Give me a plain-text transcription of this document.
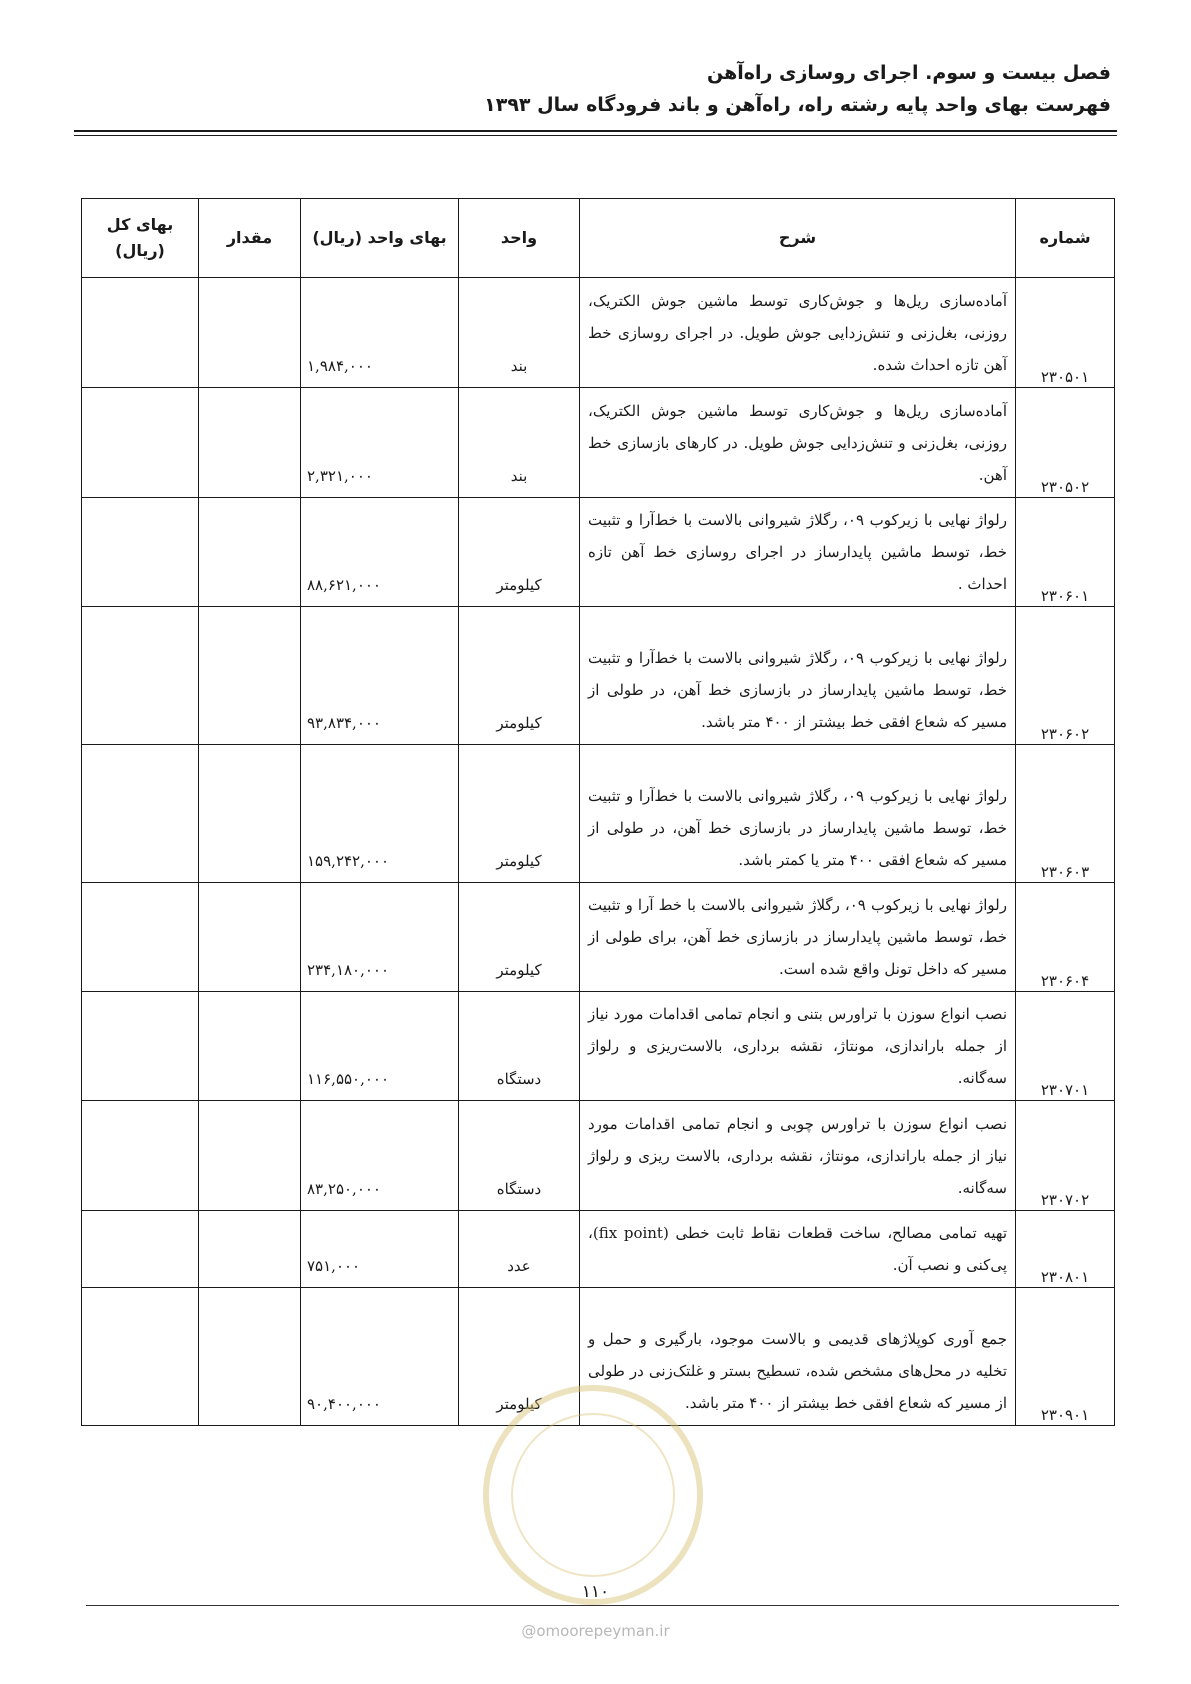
فصل بیست و سوم. اجرای روسازی راه‌آهن
فهرست بهای واحد پایه رشته راه، راه‌آهن و باند فرودگاه سال ۱۳۹۳
شماره	شرح	واحد	بهای واحد (ریال)	مقدار	بهای کل
(ریال)

۲۳۰۵۰۱	آماده‌سازی ریل‌ها و جوش‌کاری توسط ماشین جوش الکتریک، روزنی، بغل‌زنی و تنش‌زدایی جوش طویل. در اجرای روسازی خط آهن تازه احداث شده.	بند	۱,۹۸۴,۰۰۰		
۲۳۰۵۰۲	آماده‌سازی ریل‌ها و جوش‌کاری توسط ماشین جوش الکتریک، روزنی، بغل‌زنی و تنش‌زدایی جوش طویل. در کارهای بازسازی خط آهن.	بند	۲,۳۲۱,۰۰۰		
۲۳۰۶۰۱	رلواژ نهایی با زیرکوب ۰۹، رگلاژ شیروانی بالاست با خط‌آرا و تثبیت خط، توسط ماشین پایدارساز در اجرای روسازی خط آهن تازه احداث .	کیلومتر	۸۸,۶۲۱,۰۰۰		
۲۳۰۶۰۲	رلواژ نهایی با زیرکوب ۰۹، رگلاژ شیروانی بالاست با خط‌آرا و تثبیت خط، توسط ماشین پایدارساز در بازسازی خط آهن، در طولی از مسیر که شعاع افقی خط بیشتر از ۴۰۰ متر باشد.	کیلومتر	۹۳,۸۳۴,۰۰۰		
۲۳۰۶۰۳	رلواژ نهایی با زیرکوب ۰۹، رگلاژ شیروانی بالاست با خط‌آرا و تثبیت خط، توسط ماشین پایدارساز در بازسازی خط آهن، در طولی از مسیر که شعاع افقی ۴۰۰ متر یا کمتر باشد.	کیلومتر	۱۵۹,۲۴۲,۰۰۰		
۲۳۰۶۰۴	رلواژ نهایی با زیرکوب ۰۹، رگلاژ شیروانی بالاست با خط آرا و تثبیت خط، توسط ماشین پایدارساز در بازسازی خط آهن، برای طولی از مسیر که داخل تونل واقع شده است.	کیلومتر	۲۳۴,۱۸۰,۰۰۰		
۲۳۰۷۰۱	نصب انواع سوزن با تراورس بتنی و انجام تمامی اقدامات مورد نیاز از جمله باراندازی، مونتاژ، نقشه برداری، بالاست‌ریزی و رلواژ سه‌گانه.	دستگاه	۱۱۶,۵۵۰,۰۰۰		
۲۳۰۷۰۲	نصب انواع سوزن با تراورس چوبی و انجام تمامی اقدامات مورد نیاز از جمله باراندازی، مونتاژ، نقشه برداری، بالاست ریزی و رلواژ سه‌گانه.	دستگاه	۸۳,۲۵۰,۰۰۰		
۲۳۰۸۰۱	تهیه تمامی مصالح، ساخت قطعات نقاط ثابت خطی (fix point)، پی‌کنی و نصب آن.	عدد	۷۵۱,۰۰۰		
۲۳۰۹۰۱	جمع آوری کوپلاژهای قدیمی و بالاست موجود، بارگیری و حمل و تخلیه در محل‌های مشخص شده، تسطیح بستر و غلتک‌زنی در طولی از مسیر که شعاع افقی خط بیشتر از ۴۰۰ متر باشد.	کیلومتر	۹۰,۴۰۰,۰۰۰		
۱۱۰
@omoorepeyman.ir
